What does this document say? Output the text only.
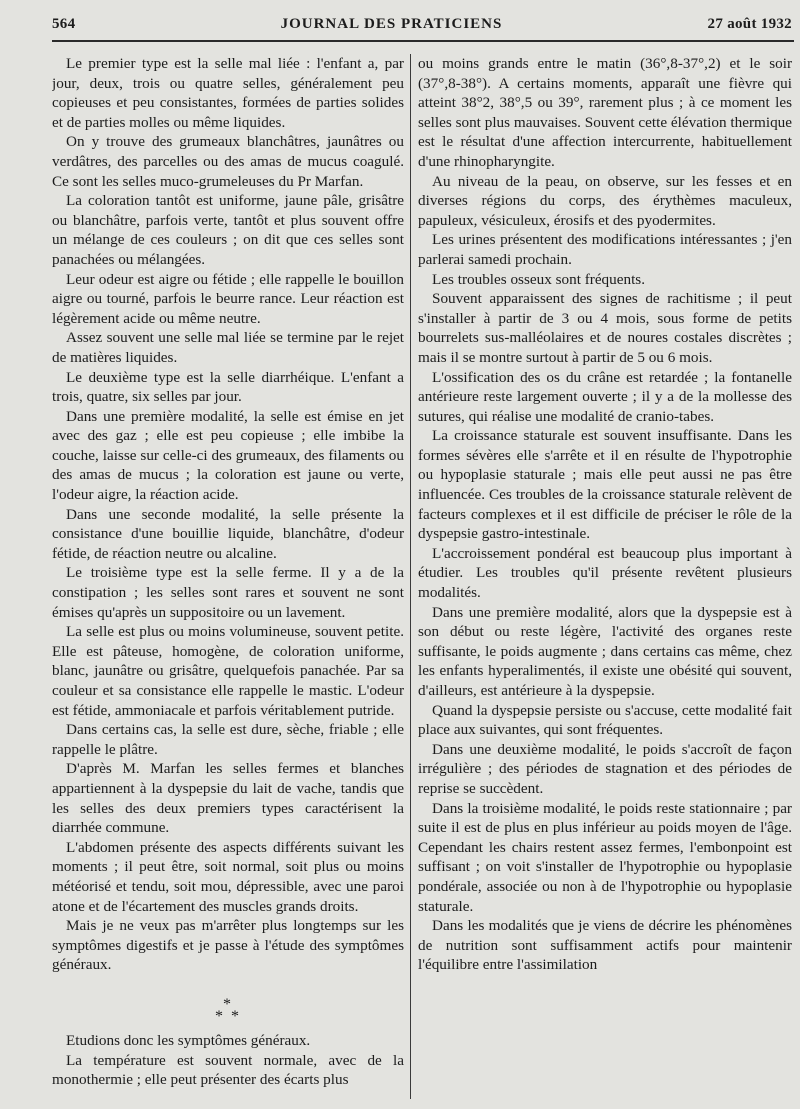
564	JOURNAL DES PRATICIENS	27 août 1932

Le premier type est la selle mal liée : l'enfant a, par jour, deux, trois ou quatre selles, généralement peu copieuses et peu consistantes, formées de parties solides et de parties molles ou même liquides.

On y trouve des grumeaux blanchâtres, jaunâtres ou verdâtres, des parcelles ou des amas de mucus coagulé. Ce sont les selles muco-grumeleuses du Pr Marfan.

La coloration tantôt est uniforme, jaune pâle, grisâtre ou blanchâtre, parfois verte, tantôt et plus souvent offre un mélange de ces couleurs ; on dit que ces selles sont panachées ou mélangées.

Leur odeur est aigre ou fétide ; elle rappelle le bouillon aigre ou tourné, parfois le beurre rance. Leur réaction est légèrement acide ou même neutre.

Assez souvent une selle mal liée se termine par le rejet de matières liquides.

Le deuxième type est la selle diarrhéique. L'enfant a trois, quatre, six selles par jour.

Dans une première modalité, la selle est émise en jet avec des gaz ; elle est peu copieuse ; elle imbibe la couche, laisse sur celle-ci des grumeaux, des filaments ou des amas de mucus ; la coloration est jaune ou verte, l'odeur aigre, la réaction acide.

Dans une seconde modalité, la selle présente la consistance d'une bouillie liquide, blanchâtre, d'odeur fétide, de réaction neutre ou alcaline.

Le troisième type est la selle ferme. Il y a de la constipation ; les selles sont rares et souvent ne sont émises qu'après un suppositoire ou un lavement.

La selle est plus ou moins volumineuse, souvent petite. Elle est pâteuse, homogène, de coloration uniforme, blanc, jaunâtre ou grisâtre, quelquefois panachée. Par sa couleur et sa consistance elle rappelle le mastic. L'odeur est fétide, ammoniacale et parfois véritablement putride.

Dans certains cas, la selle est dure, sèche, friable ; elle rappelle le plâtre.

D'après M. Marfan les selles fermes et blanches appartiennent à la dyspepsie du lait de vache, tandis que les selles des deux premiers types caractérisent la diarrhée commune.

L'abdomen présente des aspects différents suivant les moments ; il peut être, soit normal, soit plus ou moins météorisé et tendu, soit mou, dépressible, avec une paroi atone et de l'écartement des muscles grands droits.

Mais je ne veux pas m'arrêter plus longtemps sur les symptômes digestifs et je passe à l'étude des symptômes généraux.

*
* *

Etudions donc les symptômes généraux.

La température est souvent normale, avec de la monothermie ; elle peut présenter des écarts plus

ou moins grands entre le matin (36°,8-37°,2) et le soir (37°,8-38°). A certains moments, apparaît une fièvre qui atteint 38°2, 38°,5 ou 39°, rarement plus ; à ce moment les selles sont plus mauvaises. Souvent cette élévation thermique est le résultat d'une affection intercurrente, habituellement d'une rhinopharyngite.

Au niveau de la peau, on observe, sur les fesses et en diverses régions du corps, des érythèmes maculeux, papuleux, vésiculeux, érosifs et des pyodermites.

Les urines présentent des modifications intéressantes ; j'en parlerai samedi prochain.

Les troubles osseux sont fréquents.

Souvent apparaissent des signes de rachitisme ; il peut s'installer à partir de 3 ou 4 mois, sous forme de petits bourrelets sus-malléolaires et de noures costales discrètes ; mais il se montre surtout à partir de 5 ou 6 mois.

L'ossification des os du crâne est retardée ; la fontanelle antérieure reste largement ouverte ; il y a de la mollesse des sutures, qui réalise une modalité de cranio-tabes.

La croissance staturale est souvent insuffisante. Dans les formes sévères elle s'arrête et il en résulte de l'hypotrophie ou hypoplasie staturale ; mais elle peut aussi ne pas être influencée. Ces troubles de la croissance staturale relèvent de facteurs complexes et il est difficile de préciser le rôle de la dyspepsie gastro-intestinale.

L'accroissement pondéral est beaucoup plus important à étudier. Les troubles qu'il présente revêtent plusieurs modalités.

Dans une première modalité, alors que la dyspepsie est à son début ou reste légère, l'activité des organes reste suffisante, le poids augmente ; dans certains cas même, chez les enfants hyperalimentés, il existe une obésité qui souvent, d'ailleurs, est antérieure à la dyspepsie.

Quand la dyspepsie persiste ou s'accuse, cette modalité fait place aux suivantes, qui sont fréquentes.

Dans une deuxième modalité, le poids s'accroît de façon irrégulière ; des périodes de stagnation et des périodes de reprise se succèdent.

Dans la troisième modalité, le poids reste stationnaire ; par suite il est de plus en plus inférieur au poids moyen de l'âge. Cependant les chairs restent assez fermes, l'embonpoint est suffisant ; on voit s'installer de l'hypotrophie ou hypoplasie pondérale, associée ou non à de l'hypotrophie ou hypoplasie staturale.

Dans les modalités que je viens de décrire les phénomènes de nutrition sont suffisamment actifs pour maintenir l'équilibre entre l'assimilation
